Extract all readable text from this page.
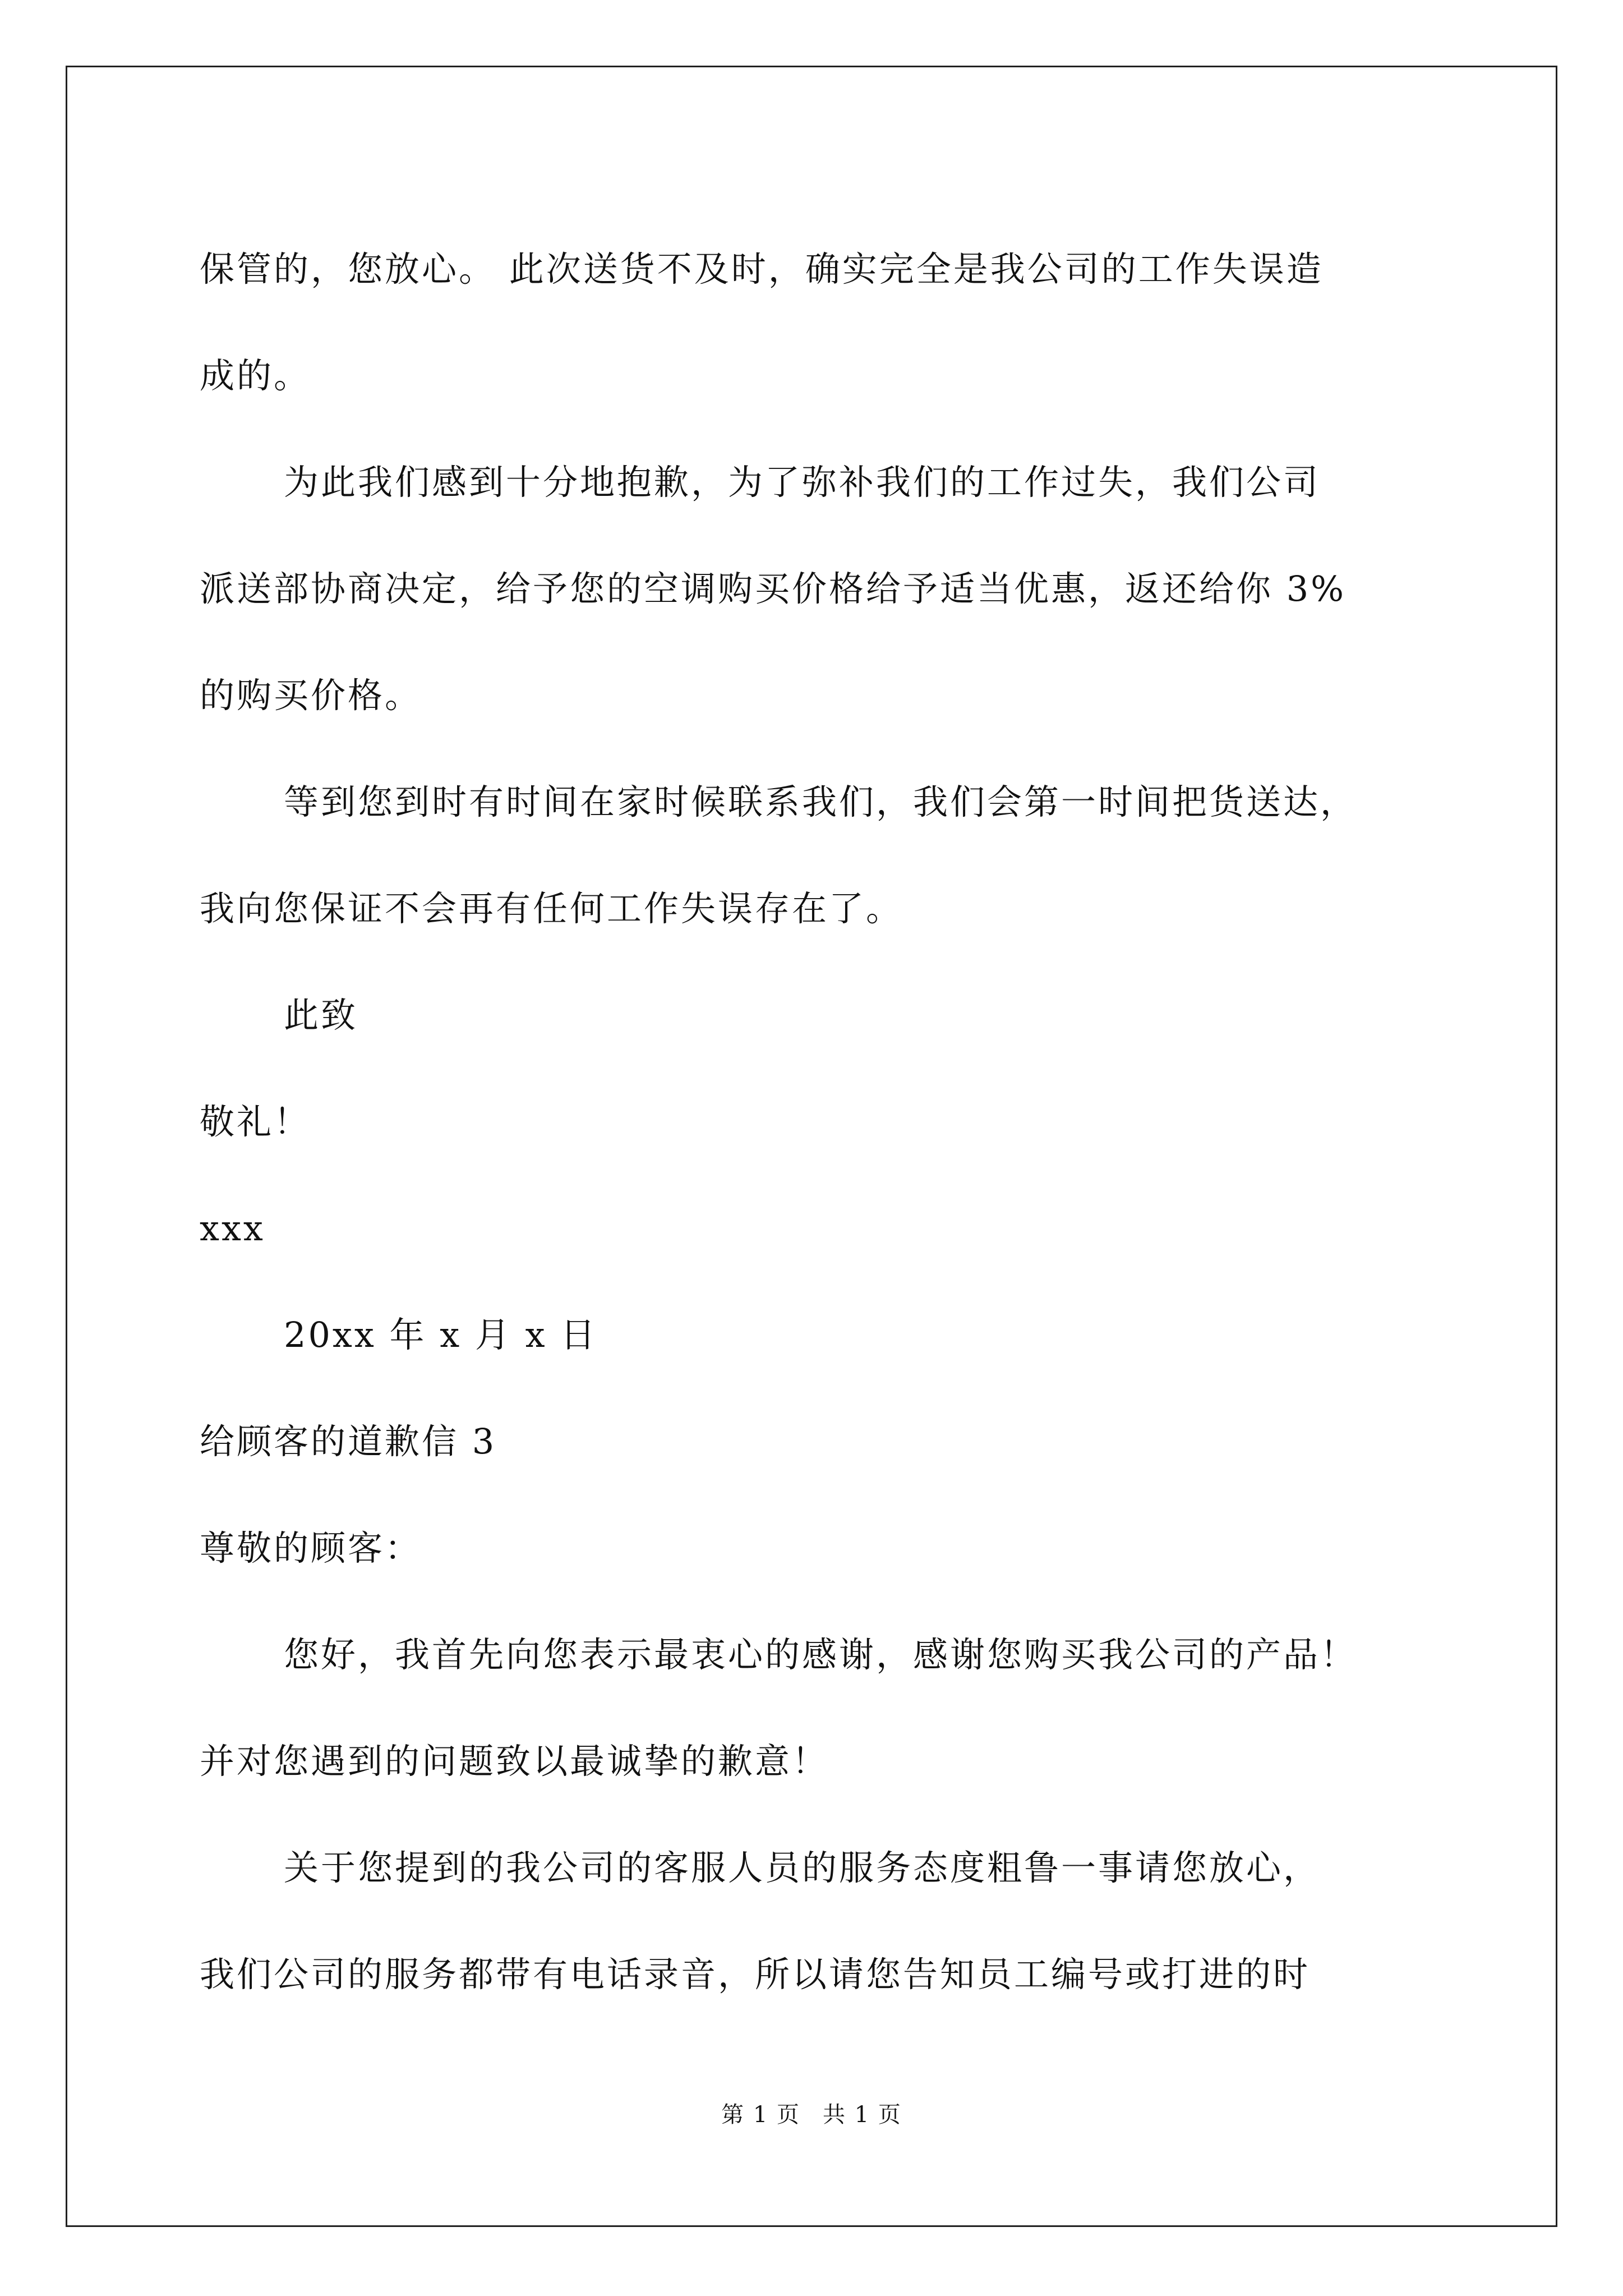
保管的，您放心。 此次送货不及时，确实完全是我公司的工作失误造
成的。
为此我们感到十分地抱歉，为了弥补我们的工作过失，我们公司
派送部协商决定，给予您的空调购买价格给予适当优惠，返还给你 3%
的购买价格。
等到您到时有时间在家时候联系我们，我们会第一时间把货送达，
我向您保证不会再有任何工作失误存在了。
此致
敬礼！
xxx
20xx 年 x 月 x 日
给顾客的道歉信 3
尊敬的顾客：
您好，我首先向您表示最衷心的感谢，感谢您购买我公司的产品！
并对您遇到的问题致以最诚挚的歉意！
关于您提到的我公司的客服人员的服务态度粗鲁一事请您放心，
我们公司的服务都带有电话录音，所以请您告知员工编号或打进的时
第 1 页 共 1 页
